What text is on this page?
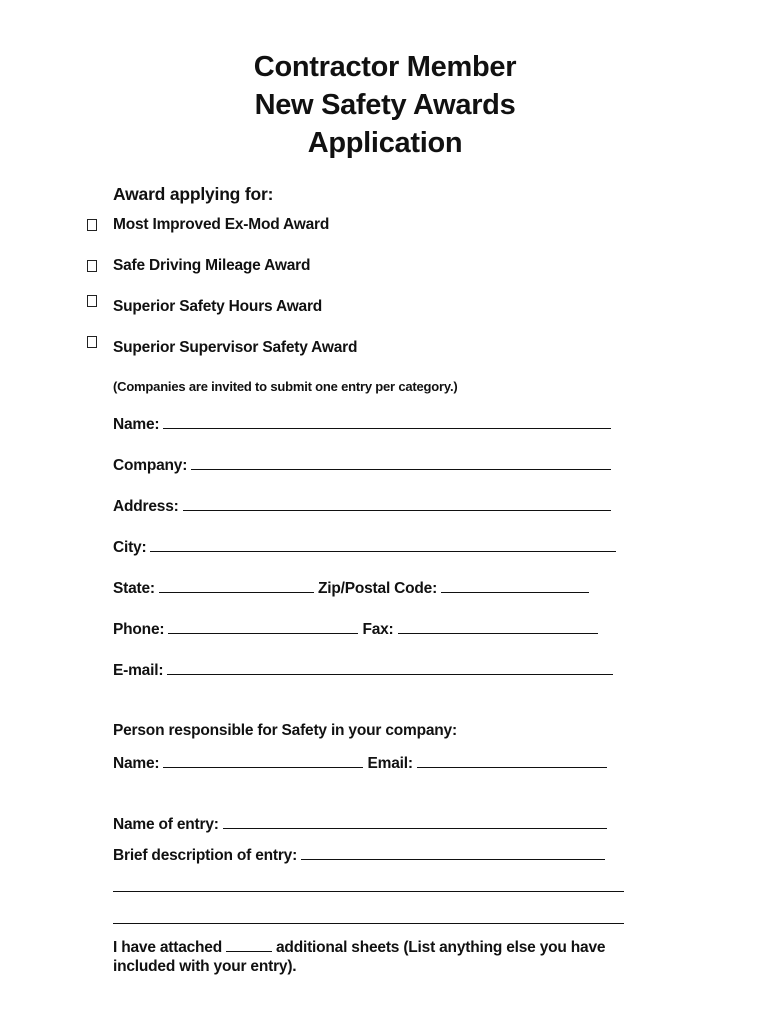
Contractor Member
New Safety Awards
Application
Award applying for:
Most Improved Ex-Mod Award
Safe Driving Mileage Award
Superior Safety Hours Award
Superior Supervisor Safety Award
(Companies are invited to submit one entry per category.)
Name:
Company:
Address:
City:
State:	Zip/Postal Code:
Phone:	Fax:
E-mail:
Person responsible for Safety in your company:
Name:	Email:
Name of entry:
Brief description of entry:
I have attached	additional sheets (List anything else you have
included with your entry).
